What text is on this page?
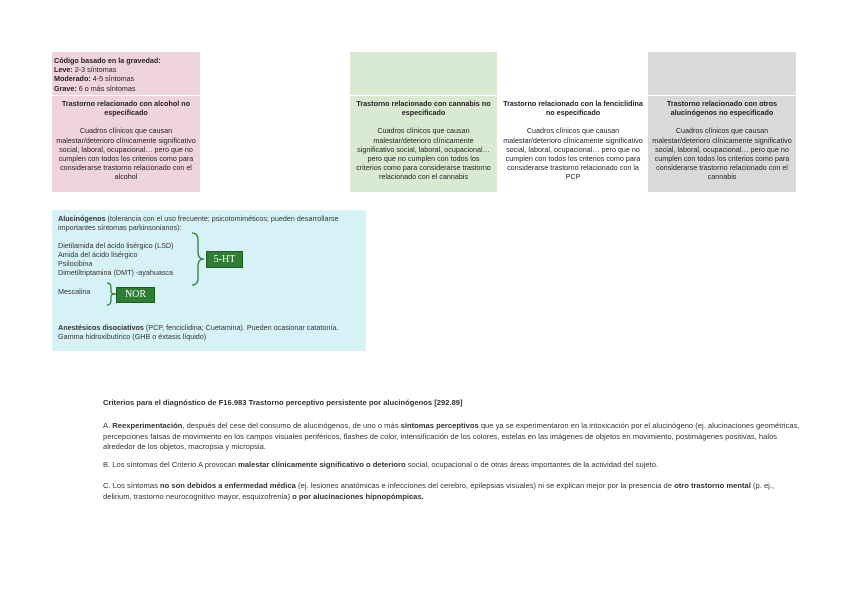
Código basado en la gravedad:
Leve: 2-3 síntomas
Moderado: 4-5 síntomas
Grave: 6 o más síntomas
Trastorno relacionado con alcohol no especificado
Cuadros clínicos que causan malestar/deterioro clínicamente significativo social, laboral, ocupacional… pero que no cumplen con todos los criterios como para considerarse trastorno relacionado con el alcohol
Trastorno relacionado con cannabis no especificado
Cuadros clínicos que causan malestar/deterioro clínicamente significativo social, laboral, ocupacional… pero que no cumplen con todos los criterios como para considerarse trastorno relacionado con el cannabis
Trastorno relacionado con la fenciclidina no especificado
Cuadros clínicos que causan malestar/deterioro clínicamente significativo social, laboral, ocupacional… pero que no cumplen con todos los criterios como para considerarse trastorno relacionado con la PCP
Trastorno relacionado con otros alucinógenos no especificado
Cuadros clínicos que causan malestar/deterioro clínicamente significativo social, laboral, ocupacional… pero que no cumplen con todos los criterios como para considerarse trastorno relacionado con el cannabis
Alucinógenos (tolerancia con el uso frecuente; psicotomiméticos; pueden desarrollarse importantes síntomas parkinsonianos):
Dietilamida del ácido lisérgico (LSD)
Amida del ácido lisérgico
Psilocibina
Dimetiltriptamina (DMT) -ayahuasca
5-HT
Mescalina	NOR
Anestésicos disociativos (PCP, fenciclidina; Cuetamina). Pueden ocasionar catatonía.
Gamma hidroxibutírico (GHB o éxtasis líquido)
Criterios para el diagnóstico de F16.983 Trastorno perceptivo persistente por alucinógenos [292.89]
A. Reexperimentación, después del cese del consumo de alucinógenos, de uno o más síntomas perceptivos que ya se experimentaron en la intoxicación por el alucinógeno (ej. alucinaciones geométricas, percepciones falsas de movimiento en los campos visuales periféricos, flashes de color, intensificación de los colores, estelas en las imágenes de objetos en movimiento, postimágenes positivas, halos alrededor de los objetos, macropsia y micropsia.
B. Los síntomas del Criterio A provocan malestar clínicamente significativo o deterioro social, ocupacional o de otras áreas importantes de la actividad del sujeto.
C. Los síntomas no son debidos a enfermedad médica (ej. lesiones anatómicas e infecciones del cerebro, epilepsias visuales) ni se explican mejor por la presencia de otro trastorno mental (p. ej., delirium, trastorno neurocognitivo mayor, esquizofrenia) o por alucinaciones hipnopómpicas.
